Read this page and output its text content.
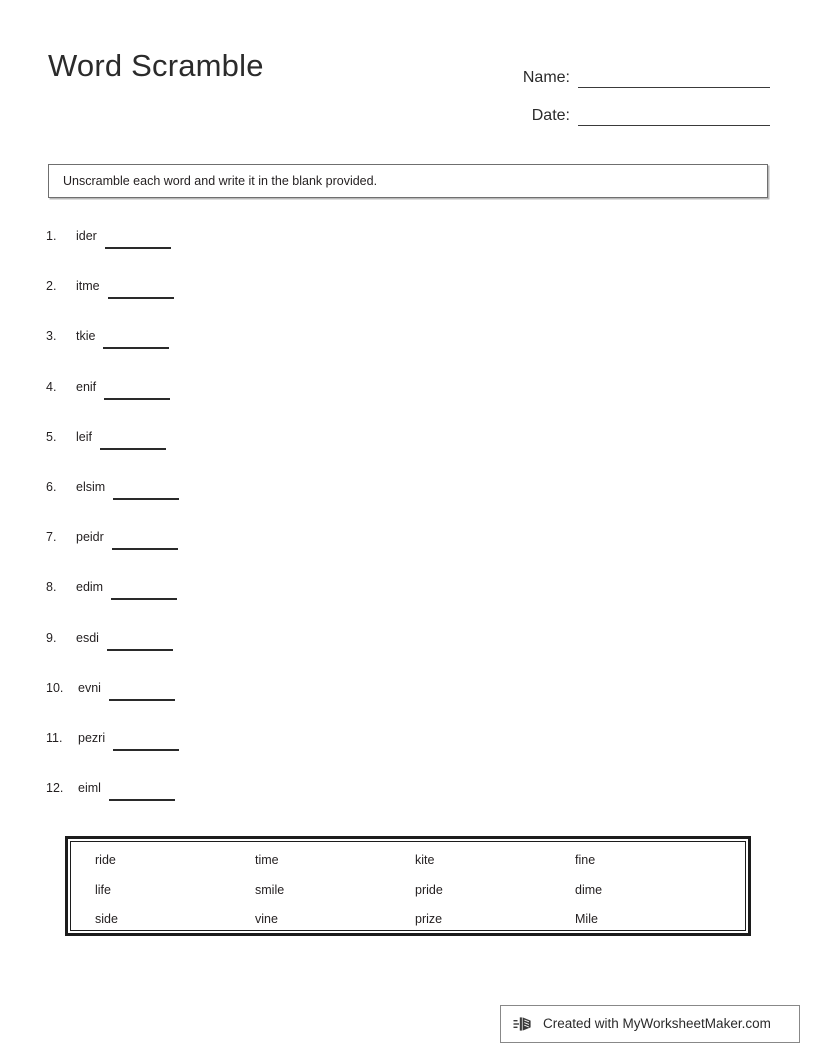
Word Scramble	Name:
Date:
Unscramble each word and write it in the blank provided.
1.	ider
2.	itme
3.	tkie
4.	enif
5.	leif
6.	elsim
7.	peidr
8.	edim
9.	esdi
10.	evni
11.	pezri
12.	eiml
ride	time	kite	fine
life	smile	pride	dime
side	vine	prize	Mile
Created with MyWorksheetMaker.com
